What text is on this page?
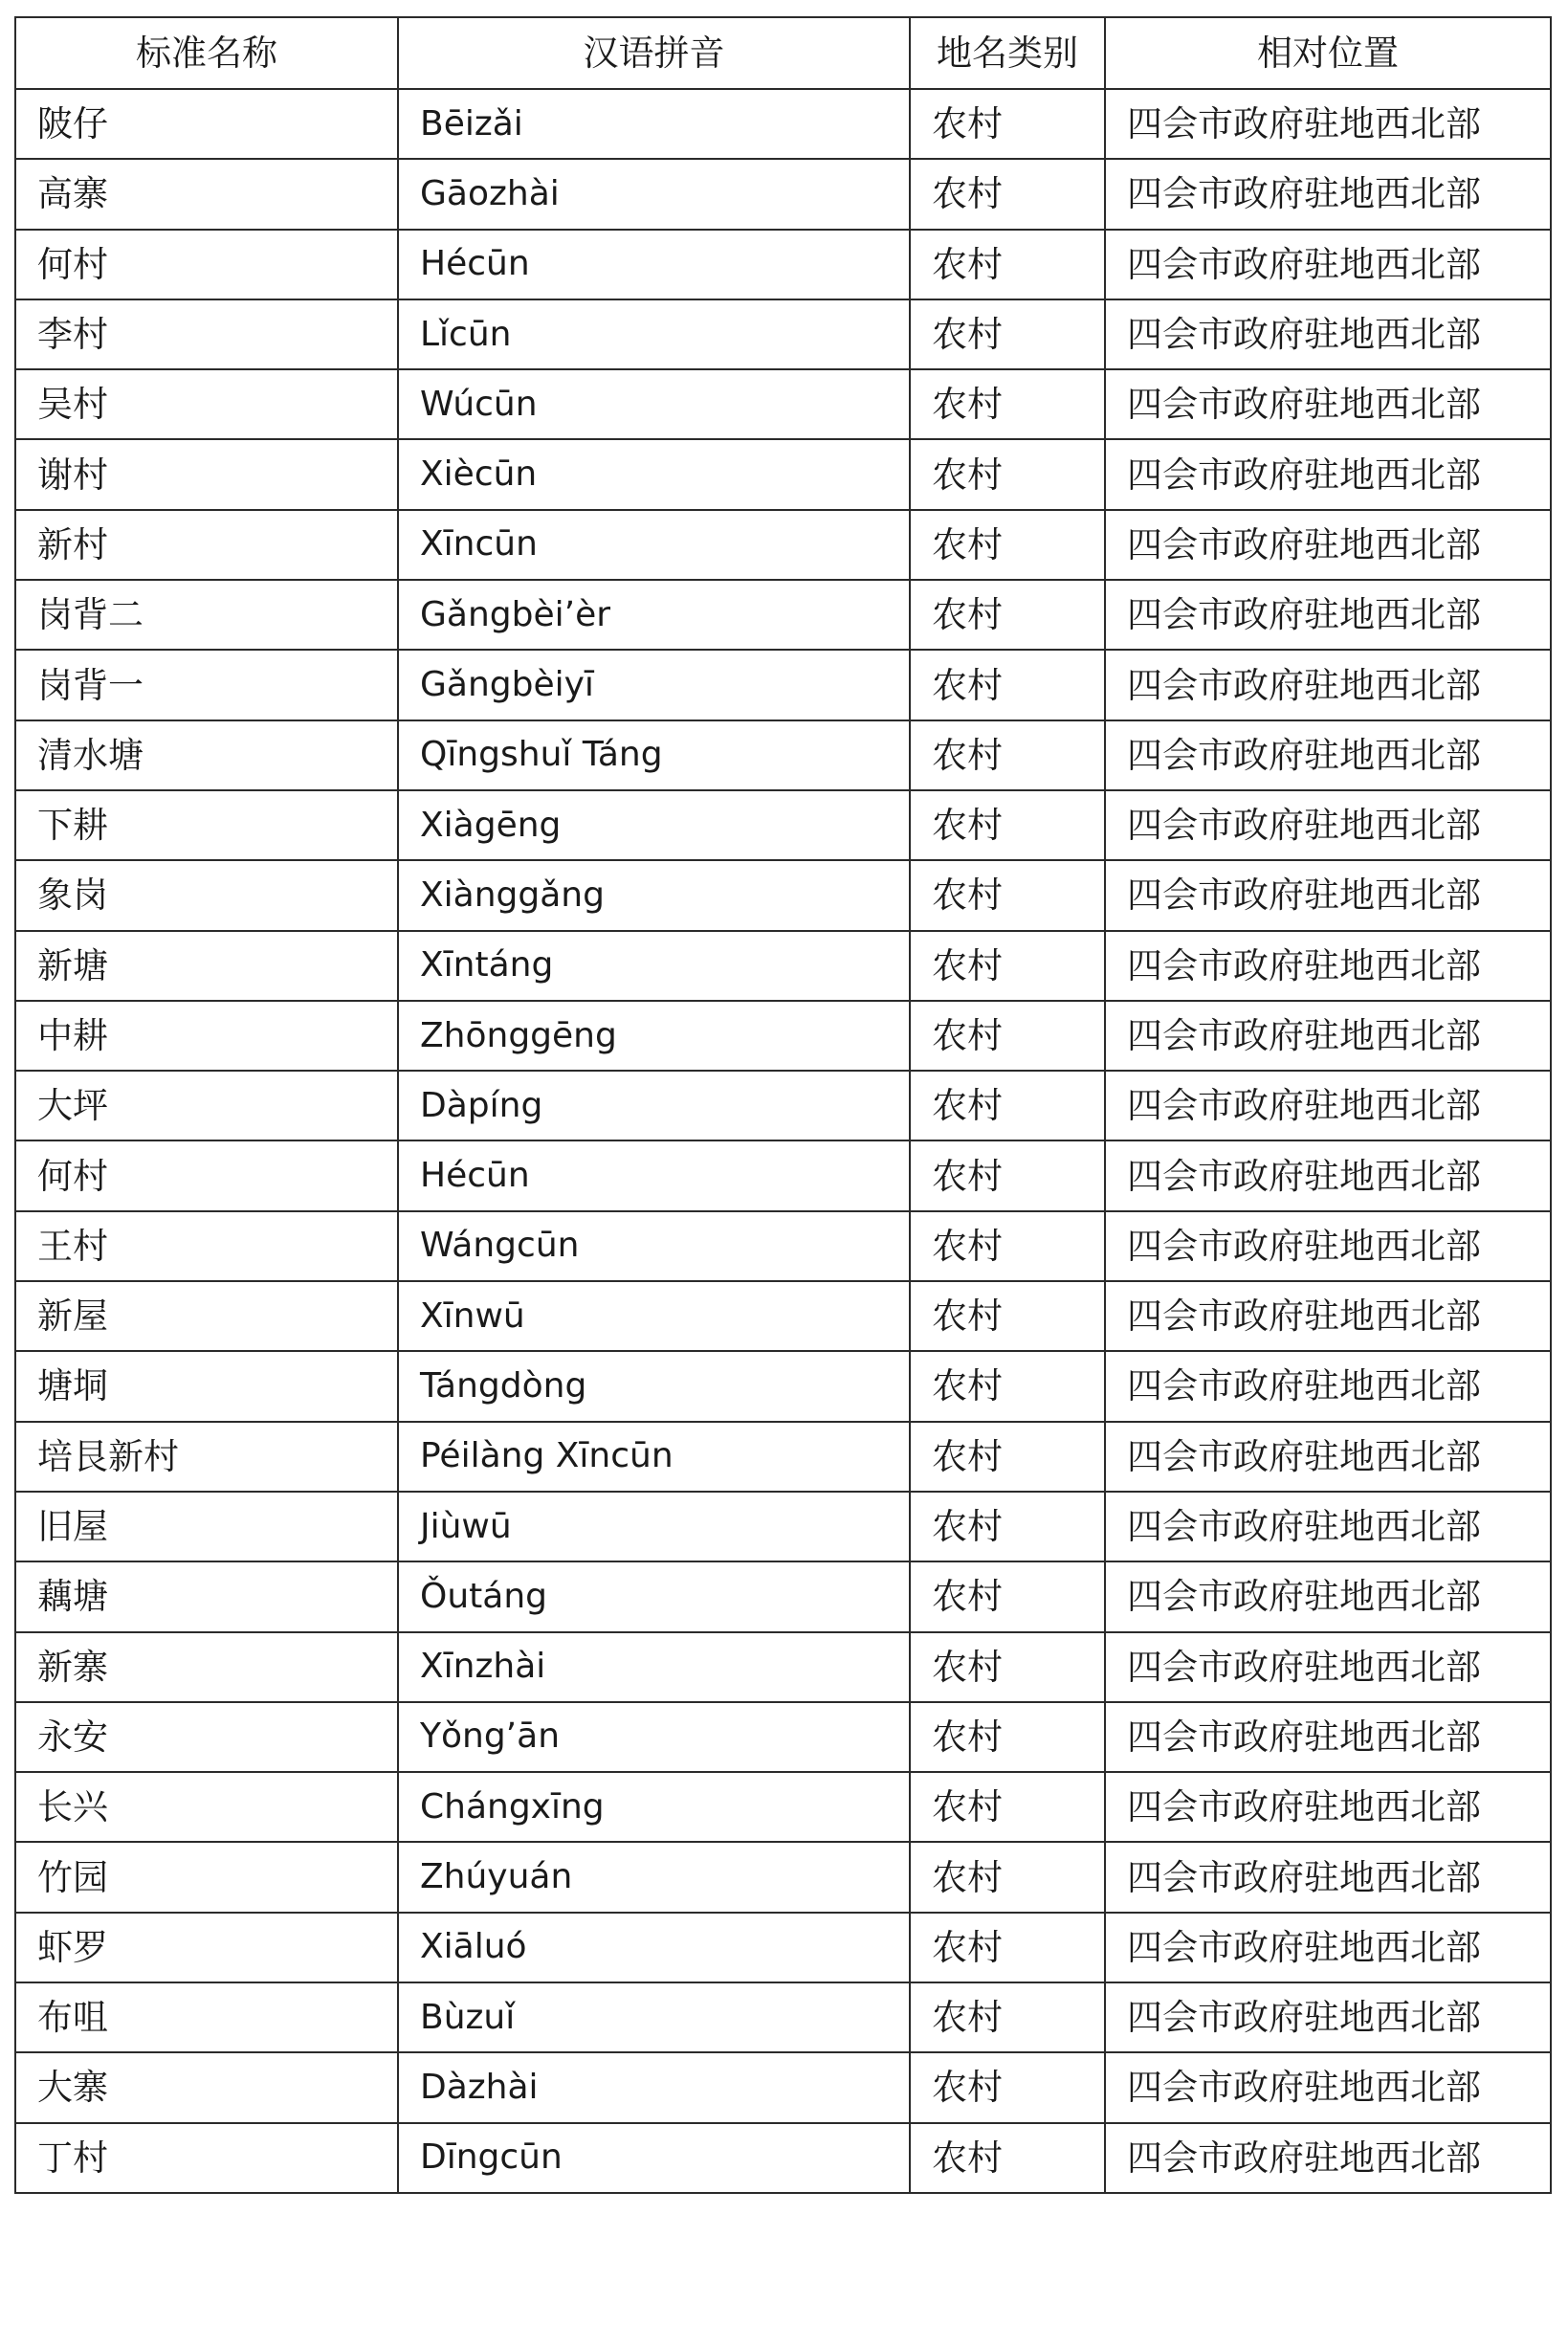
标准名称	汉语拼音	地名类别	相对位置
陂仔	Bēizǎi	农村	四会市政府驻地西北部
高寨	Gāozhài	农村	四会市政府驻地西北部
何村	Hécūn	农村	四会市政府驻地西北部
李村	Lǐcūn	农村	四会市政府驻地西北部
吴村	Wúcūn	农村	四会市政府驻地西北部
谢村	Xiècūn	农村	四会市政府驻地西北部
新村	Xīncūn	农村	四会市政府驻地西北部
岗背二	Gǎngbèi’èr	农村	四会市政府驻地西北部
岗背一	Gǎngbèiyī	农村	四会市政府驻地西北部
清水塘	Qīngshuǐ Táng	农村	四会市政府驻地西北部
下耕	Xiàgēng	农村	四会市政府驻地西北部
象岗	Xiànggǎng	农村	四会市政府驻地西北部
新塘	Xīntáng	农村	四会市政府驻地西北部
中耕	Zhōnggēng	农村	四会市政府驻地西北部
大坪	Dàpíng	农村	四会市政府驻地西北部
何村	Hécūn	农村	四会市政府驻地西北部
王村	Wángcūn	农村	四会市政府驻地西北部
新屋	Xīnwū	农村	四会市政府驻地西北部
塘垌	Tángdòng	农村	四会市政府驻地西北部
培艮新村	Péilàng Xīncūn	农村	四会市政府驻地西北部
旧屋	Jiùwū	农村	四会市政府驻地西北部
藕塘	Ǒutáng	农村	四会市政府驻地西北部
新寨	Xīnzhài	农村	四会市政府驻地西北部
永安	Yǒng’ān	农村	四会市政府驻地西北部
长兴	Chángxīng	农村	四会市政府驻地西北部
竹园	Zhúyuán	农村	四会市政府驻地西北部
虾罗	Xiāluó	农村	四会市政府驻地西北部
布咀	Bùzuǐ	农村	四会市政府驻地西北部
大寨	Dàzhài	农村	四会市政府驻地西北部
丁村	Dīngcūn	农村	四会市政府驻地西北部
